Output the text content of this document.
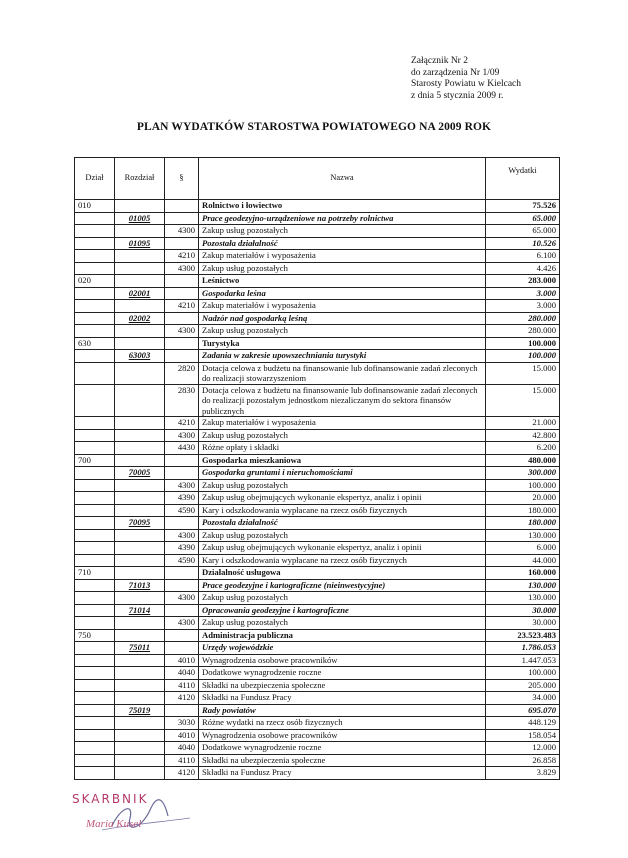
Załącznik Nr 2
do zarządzenia Nr 1/09
Starosty Powiatu w Kielcach
z dnia 5 stycznia 2009 r.
PLAN WYDATKÓW STAROSTWA POWIATOWEGO NA 2009 ROK
Dział	Rozdział	§	Nazwa	Wydatki
010			Rolnictwo i łowiectwo	75.526
	01005		Prace geodezyjno-urządzeniowe na potrzeby rolnictwa	65.000
		4300	Zakup usług pozostałych	65.000
	01095		Pozostała działalność	10.526
		4210	Zakup materiałów i wyposażenia	6.100
		4300	Zakup usług pozostałych	4.426
020			Leśnictwo	283.000
	02001		Gospodarka leśna	3.000
		4210	Zakup materiałów i wyposażenia	3.000
	02002		Nadzór nad gospodarką leśną	280.000
		4300	Zakup usług pozostałych	280.000
630			Turystyka	100.000
	63003		Zadania w zakresie upowszechniania turystyki	100.000
		2820	Dotacja celowa z budżetu na finansowanie lub dofinansowanie zadań zleconych do realizacji stowarzyszeniom	15.000
		2830	Dotacja celowa z budżetu na finansowanie lub dofinansowanie zadań zleconych do realizacji pozostałym jednostkom niezaliczanym do sektora finansów publicznych	15.000
		4210	Zakup materiałów i wyposażenia	21.000
		4300	Zakup usług pozostałych	42.800
		4430	Różne opłaty i składki	6.200
700			Gospodarka mieszkaniowa	480.000
	70005		Gospodarka gruntami i nieruchomościami	300.000
		4300	Zakup usług pozostałych	100.000
		4390	Zakup usług obejmujących wykonanie ekspertyz, analiz i opinii	20.000
		4590	Kary i odszkodowania wypłacane na rzecz osób fizycznych	180.000
	70095		Pozostała działalność	180.000
		4300	Zakup usług pozostałych	130.000
		4390	Zakup usług obejmujących wykonanie ekspertyz, analiz i opinii	6.000
		4590	Kary i odszkodowania wypłacane na rzecz osób fizycznych	44.000
710			Działalność usługowa	160.000
	71013		Prace geodezyjne i kartograficzne (nieinwestycyjne)	130.000
		4300	Zakup usług pozostałych	130.000
	71014		Opracowania geodezyjne i kartograficzne	30.000
		4300	Zakup usług pozostałych	30.000
750			Administracja publiczna	23.523.483
	75011		Urzędy wojewódzkie	1.786.053
		4010	Wynagrodzenia osobowe pracowników	1.447.053
		4040	Dodatkowe wynagrodzenie roczne	100.000
		4110	Składki na ubezpieczenia społeczne	205.000
		4120	Składki na Fundusz Pracy	34.000
	75019		Rady powiatów	695.070
		3030	Różne wydatki na rzecz osób fizycznych	448.129
		4010	Wynagrodzenia osobowe pracowników	158.054
		4040	Dodatkowe wynagrodzenie roczne	12.000
		4110	Składki na ubezpieczenia społeczne	26.858
		4120	Składki na Fundusz Pracy	3.829
SKARBNIK
Maria Kusel
